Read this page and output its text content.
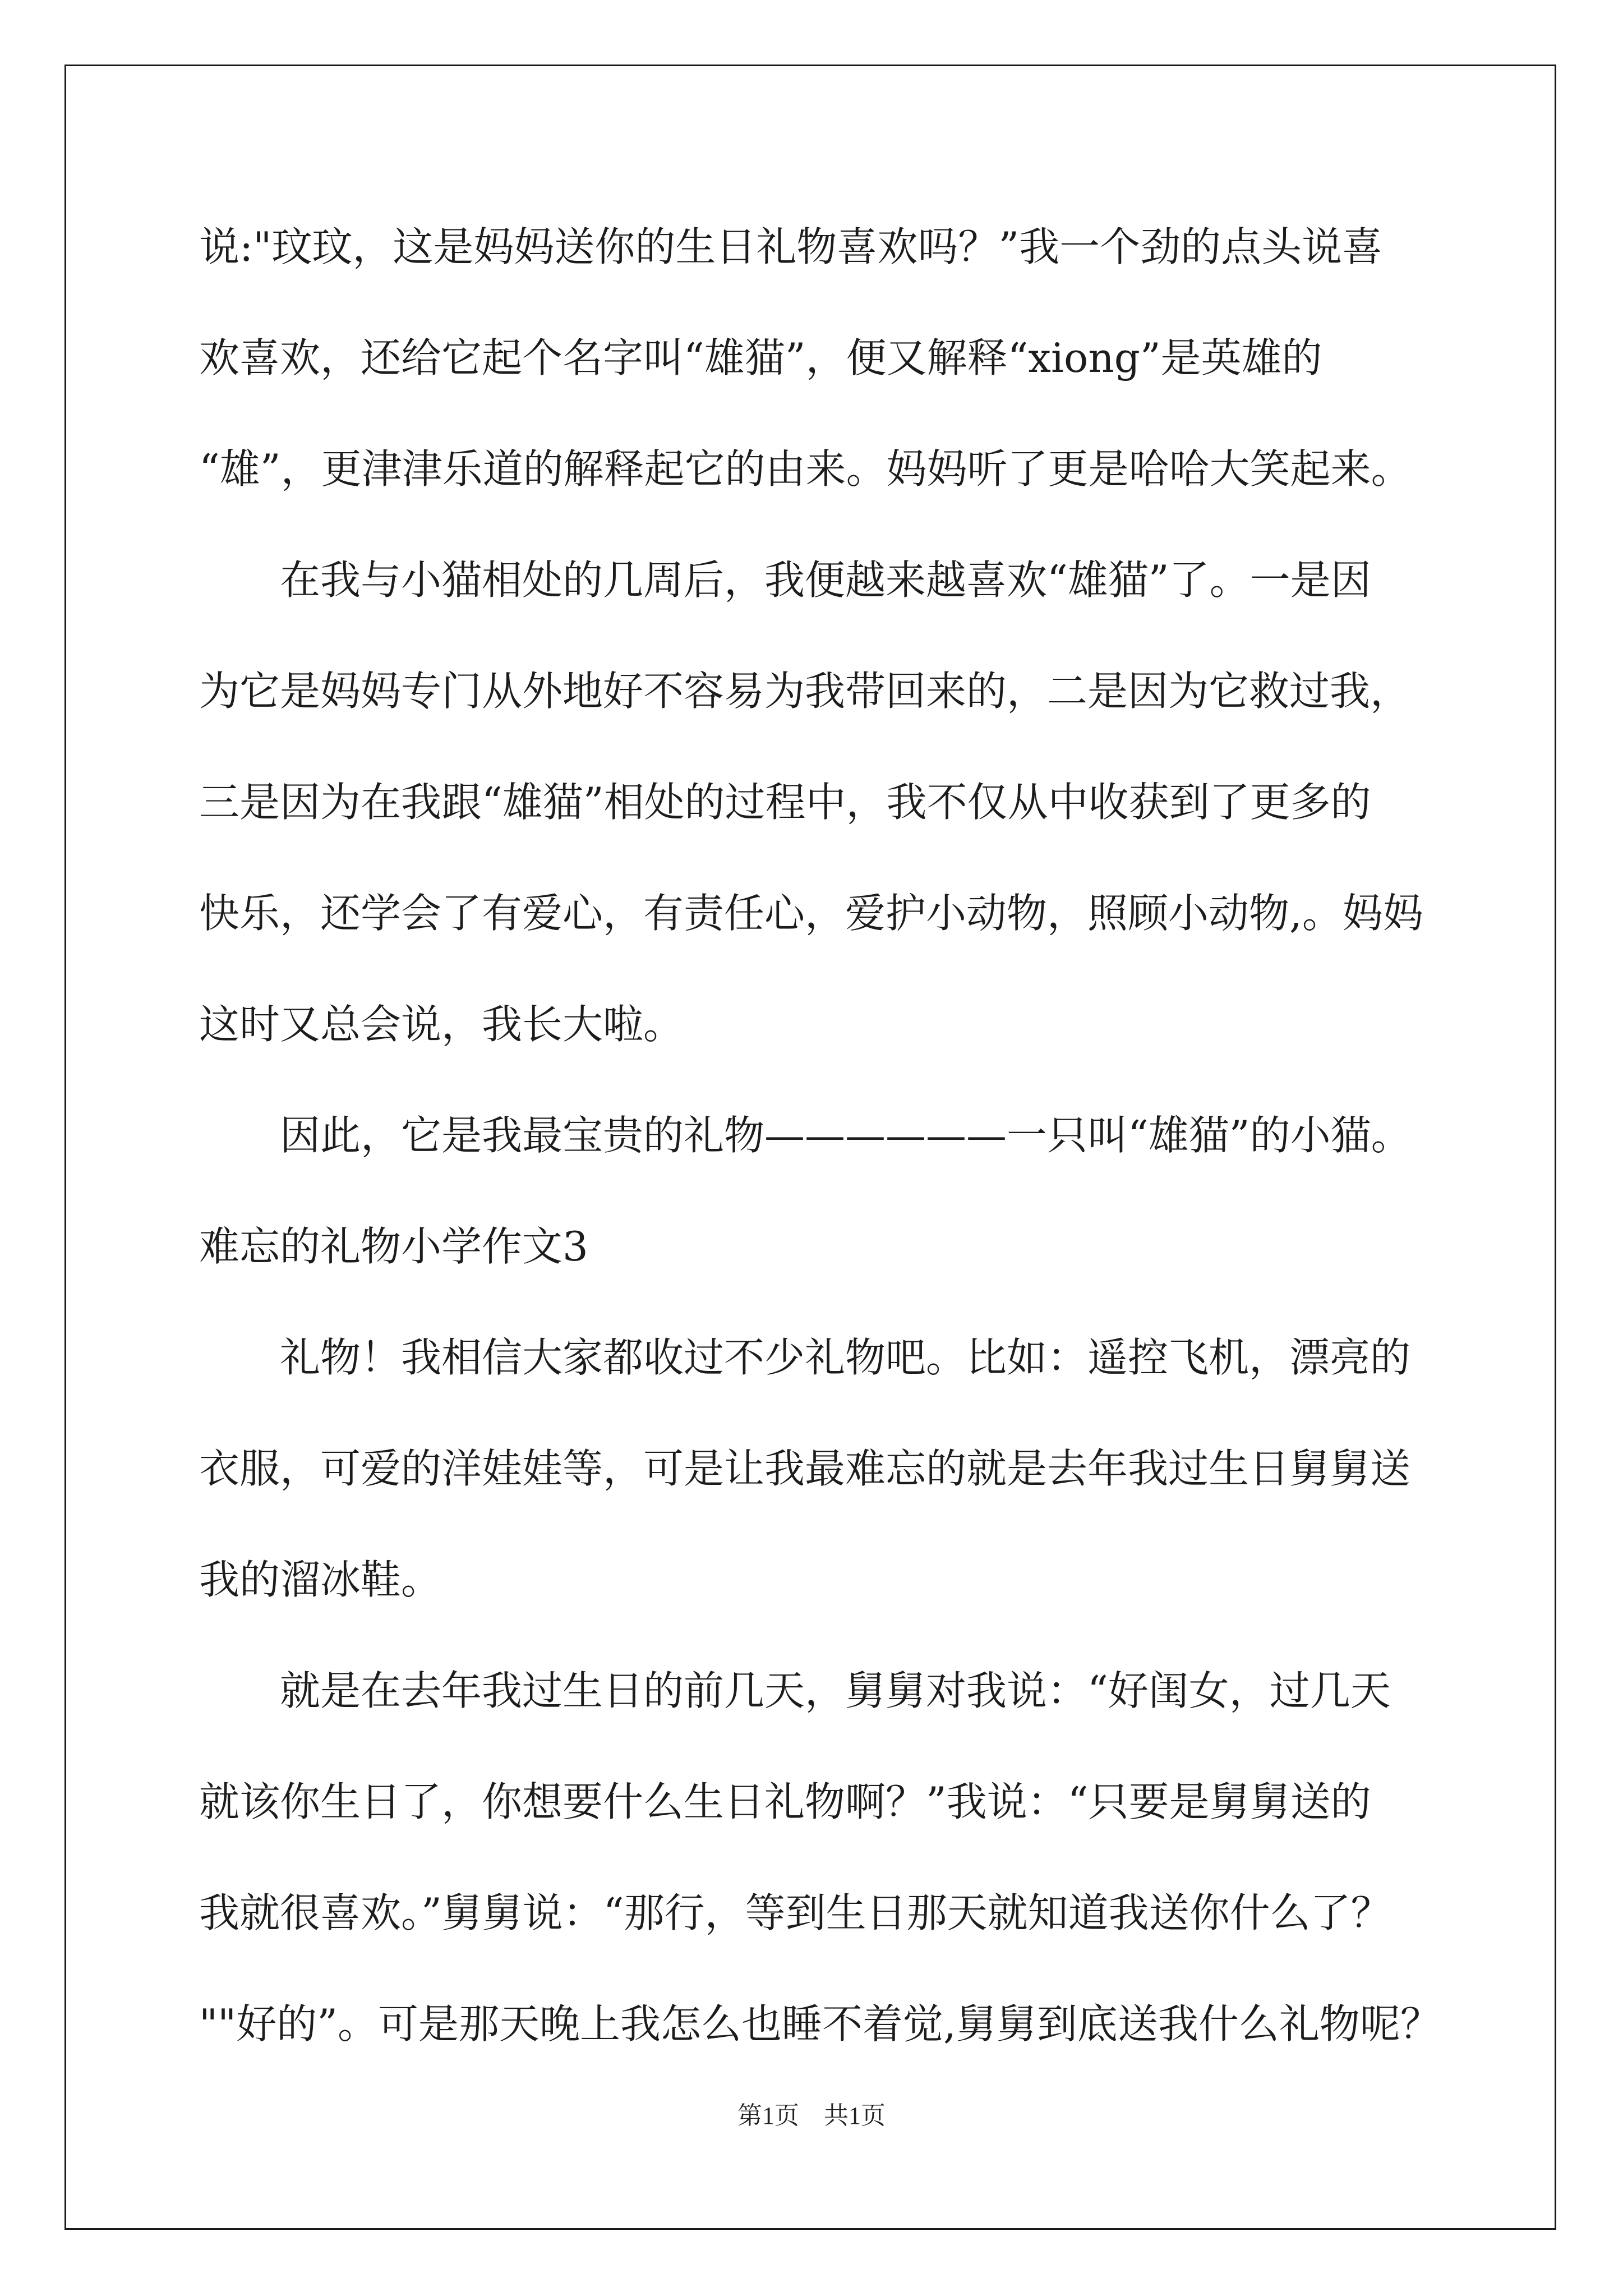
说:"玟玟，这是妈妈送你的生日礼物喜欢吗？”我一个劲的点头说喜

欢喜欢，还给它起个名字叫“雄猫”，便又解释“xiong”是英雄的

“雄”，更津津乐道的解释起它的由来。妈妈听了更是哈哈大笑起来。

　　在我与小猫相处的几周后，我便越来越喜欢“雄猫”了。一是因

为它是妈妈专门从外地好不容易为我带回来的，二是因为它救过我，

三是因为在我跟“雄猫”相处的过程中，我不仅从中收获到了更多的

快乐，还学会了有爱心，有责任心，爱护小动物，照顾小动物,。妈妈

这时又总会说，我长大啦。

　　因此，它是我最宝贵的礼物——————一只叫“雄猫”的小猫。

难忘的礼物小学作文3

　　礼物！我相信大家都收过不少礼物吧。比如：遥控飞机，漂亮的

衣服，可爱的洋娃娃等，可是让我最难忘的就是去年我过生日舅舅送

我的溜冰鞋。

　　就是在去年我过生日的前几天，舅舅对我说：“好闺女，过几天

就该你生日了，你想要什么生日礼物啊？”我说：“只要是舅舅送的

我就很喜欢。”舅舅说：“那行，等到生日那天就知道我送你什么了？

""好的”。可是那天晚上我怎么也睡不着觉,舅舅到底送我什么礼物呢？

第1页　共1页
